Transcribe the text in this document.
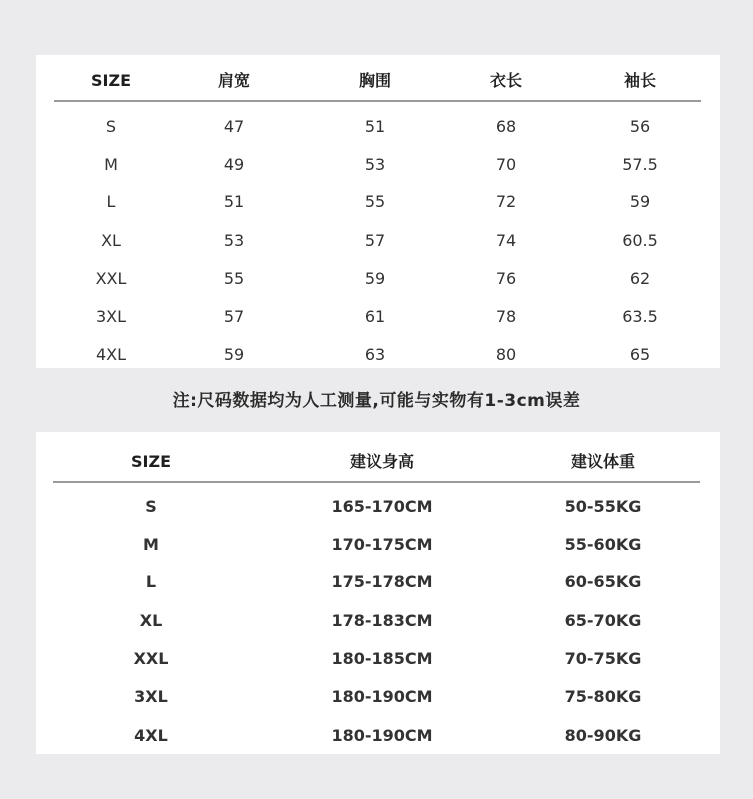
SIZE	肩宽	胸围	衣长	袖长
S	47	51	68	56
M	49	53	70	57.5
L	51	55	72	59
XL	53	57	74	60.5
XXL	55	59	76	62
3XL	57	61	78	63.5
4XL	59	63	80	65
注:尺码数据均为人工测量,可能与实物有1-3cm误差
SIZE	建议身高	建议体重
S	165-170CM	50-55KG
M	170-175CM	55-60KG
L	175-178CM	60-65KG
XL	178-183CM	65-70KG
XXL	180-185CM	70-75KG
3XL	180-190CM	75-80KG
4XL	180-190CM	80-90KG
